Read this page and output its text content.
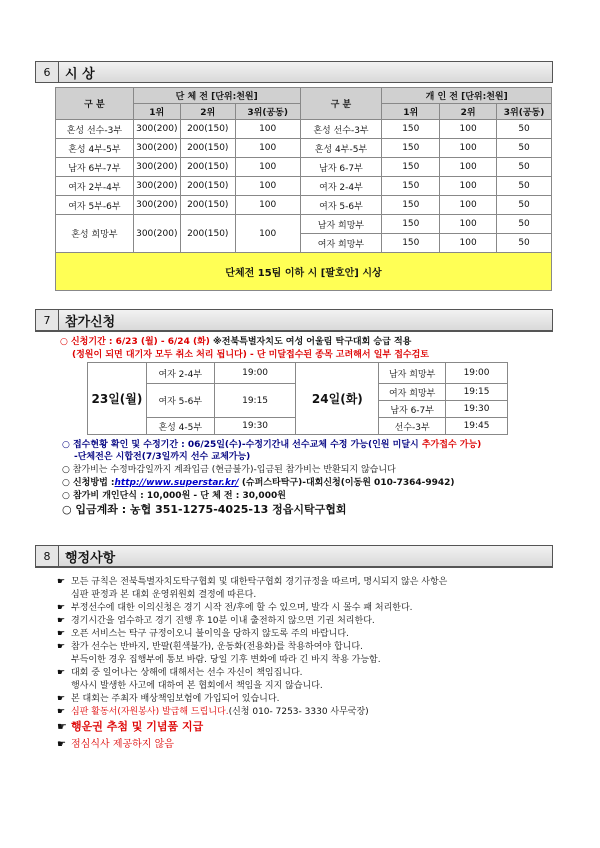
6	시 상
구 분	단 체 전 [단위:천원]			구 분	개 인 전 [단위:천원]		
	1위	2위	3위(공동)		1위	2위	3위(공동)
혼성 선수-3부	300(200)	200(150)	100	혼성 선수-3부	150	100	50
혼성 4부-5부	300(200)	200(150)	100	혼성 4부-5부	150	100	50
남자 6부-7부	300(200)	200(150)	100	남자 6-7부	150	100	50
여자 2부-4부	300(200)	200(150)	100	여자 2-4부	150	100	50
여자 5부-6부	300(200)	200(150)	100	여자 5-6부	150	100	50
혼성 희망부	300(200)	200(150)	100	남자 희망부	150	100	50
				여자 희망부	150	100	50
단체전 15팀 이하 시 [팔호안] 시상							
7	참가신청
○ 신청기간 : 6/23 (월) - 6/24 (화) ※전북특별자치도 여성 어울림 탁구대회 승급 적용
(정원이 되면 대기자 모두 취소 처리 됩니다) - 단 미달접수된 종목 고려해서 일부 접수검토
23일(월)	여자 2-4부	19:00	24일(화)	남자 희망부	19:00
	여자 5-6부	19:15		여자 희망부	19:15
				남자 6-7부	19:30
	혼성 4-5부	19:30		선수-3부	19:45
○ 접수현황 확인 및 수정기간 : 06/25일(수)-수정기간내 선수교체 수정 가능(인원 미달시 추가접수 가능)
-단체전은 시합전(7/3일까지 선수 교체가능)
○ 참가비는 수정마감일까지 계좌입금 (현금불가)-입금된 참가비는 반환되지 않습니다
○ 신청방법 :http://www.superstar.kr/ (슈퍼스타탁구)-대회신청(이동원 010-7364-9942)
○ 참가비 개인단식 : 10,000원 - 단 체 전 : 30,000원
○ 입금계좌 : 농협 351-1275-4025-13 정읍시탁구협회
8	행정사항
☛ 모든 규칙은 전북특별자치도탁구협회 및 대한탁구협회 경기규정을 따르며, 명시되지 않은 사항은
심판 판정과 본 대회 운영위원회 결정에 따른다.
☛ 부정선수에 대한 이의신청은 경기 시작 전/후에 할 수 있으며, 발각 시 몰수 패 처리한다.
☛ 경기시간을 엄수하고 경기 진행 후 10분 이내 출전하지 않으면 기권 처리한다.
☛ 오픈 서비스는 탁구 규정이오니 불이익을 당하지 않도록 주의 바랍니다.
☛ 참가 선수는 반바지, 반팔(흰색불가), 운동화(전용화)를 착용하여야 합니다.
부득이한 경우 집행부에 통보 바람. 당일 기후 변화에 따라 긴 바지 착용 가능함.
☛ 대회 중 일어나는 상해에 대해서는 선수 자신이 책임집니다.
행사시 발생한 사고에 대하여 본 협회에서 책임을 지지 않습니다.
☛ 본 대회는 주최자 배상책임보험에 가입되어 있습니다.
☛ 심판 활동서(자원봉사) 발급해 드립니다.(신청 010- 7253- 3330 사무국장)
☛ 행운권 추첨 및 기념품 지급
☛ 점심식사 제공하지 않음
